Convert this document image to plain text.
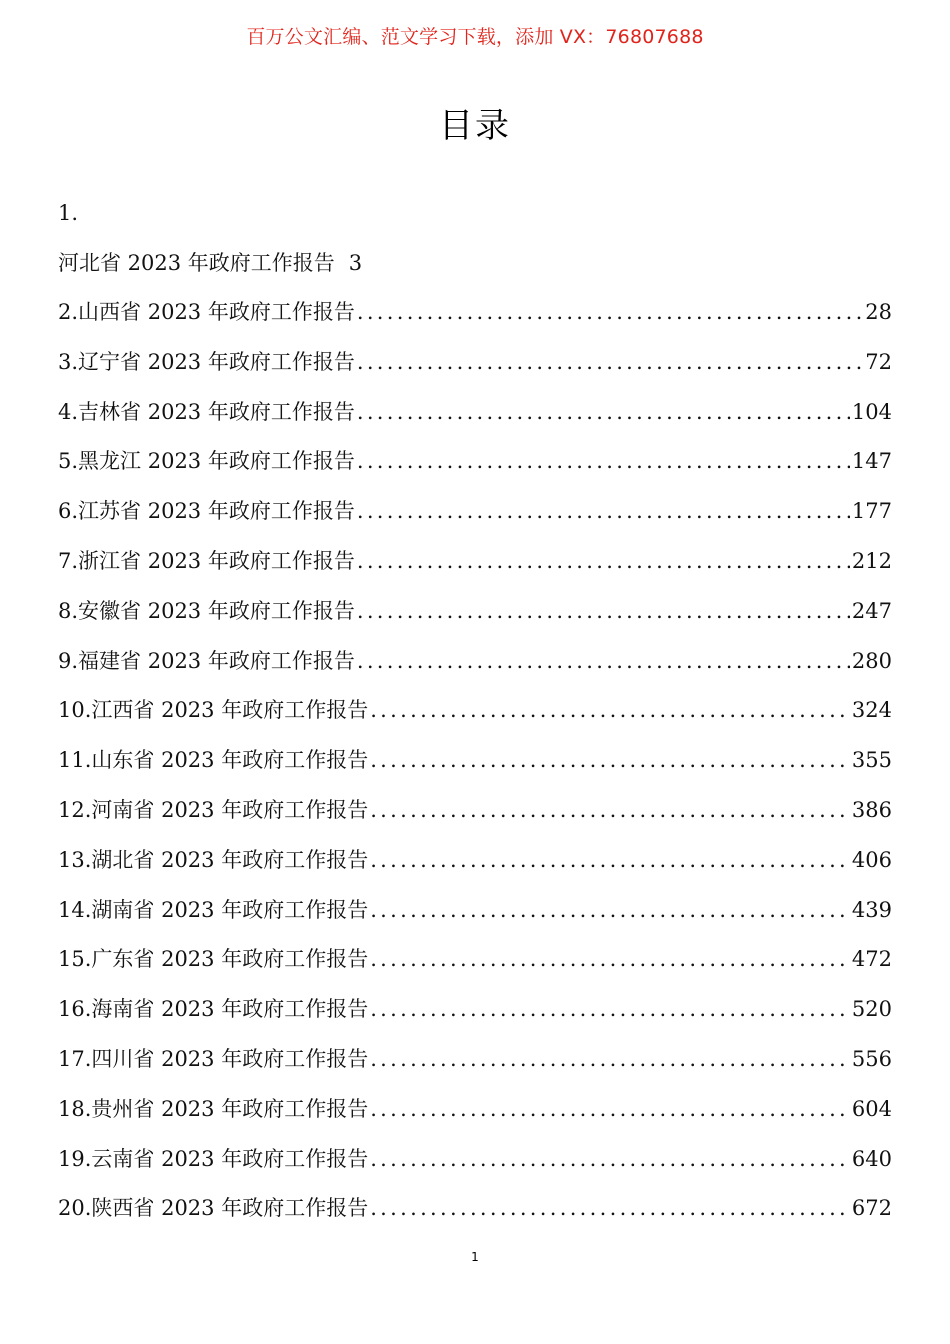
百万公文汇编、范文学习下载，添加 VX：76807688
目录
1.
河北省 2023 年政府工作报告 3
2. 山西省 2023 年政府工作报告 .....	28
3. 辽宁省 2023 年政府工作报告 .....	72
4. 吉林省 2023 年政府工作报告 .....	104
5. 黑龙江 2023 年政府工作报告 .....	147
6. 江苏省 2023 年政府工作报告 .....	177
7. 浙江省 2023 年政府工作报告 .....	212
8. 安徽省 2023 年政府工作报告 .....	247
9. 福建省 2023 年政府工作报告 .....	280
10. 江西省 2023 年政府工作报告 .....	324
11. 山东省 2023 年政府工作报告 .....	355
12. 河南省 2023 年政府工作报告 .....	386
13. 湖北省 2023 年政府工作报告 .....	406
14. 湖南省 2023 年政府工作报告 .....	439
15. 广东省 2023 年政府工作报告 .....	472
16. 海南省 2023 年政府工作报告 .....	520
17. 四川省 2023 年政府工作报告 .....	556
18. 贵州省 2023 年政府工作报告 .....	604
19. 云南省 2023 年政府工作报告 .....	640
20. 陕西省 2023 年政府工作报告 .....	672
1
